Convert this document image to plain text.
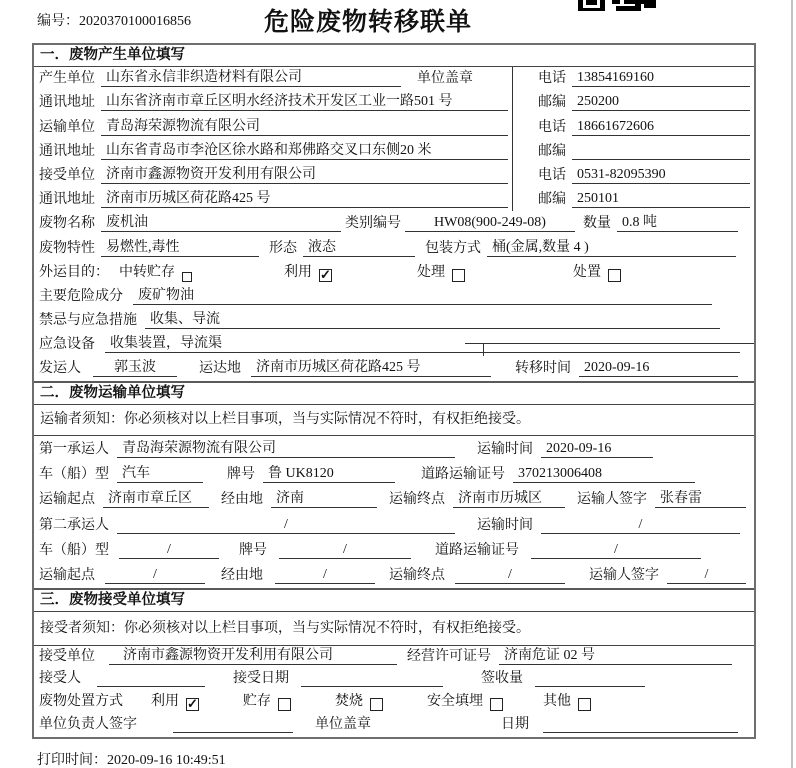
编号：2020370100016856	危险废物转移联单
一．废物产生单位填写
产生单位 山东省永信非织造材料有限公司	单位盖章	电话 13854169160
通讯地址 山东省济南市章丘区明水经济技术开发区工业一路501 号	邮编 250200
运输单位 青岛海荣源物流有限公司	电话 18661672606
通讯地址 山东省青岛市李沧区徐水路和郑佛路交叉口东侧20 米	邮编
接受单位 济南市鑫源物资开发利用有限公司	电话 0531-82095390
通讯地址 济南市历城区荷花路425 号	邮编 250101
废物名称 废机油	类别编号	HW08(900-249-08)	数量 0.8 吨
废物特性 易燃性,毒性	形态 液态	包装方式 桶(金属,数量 4 )
外运目的： 中转贮存	利用 ✓	处理	处置
主要危险成分	废矿物油
禁忌与应急措施 收集、导流
应急设备	收集装置，导流渠
发运人	郭玉波	运达地	济南市历城区荷花路425 号	转移时间 2020-09-16
二．废物运输单位填写
运输者须知：你必须核对以上栏目事项，当与实际情况不符时，有权拒绝接受。
第一承运人 青岛海荣源物流有限公司	运输时间 2020-09-16
车（船）型 汽车	牌号 鲁 UK8120	道路运输证号 370213006408
运输起点 济南市章丘区	经由地 济南	运输终点 济南市历城区	运输人签字 张春雷
第二承运人	/	运输时间	/
车（船）型	/	牌号	/	道路运输证号	/
运输起点	/	经由地	/	运输终点	/	运输人签字	/
三．废物接受单位填写
接受者须知：你必须核对以上栏目事项，当与实际情况不符时，有权拒绝接受。
接受单位	济南市鑫源物资开发利用有限公司	经营许可证号 济南危证 02 号
接受人	接受日期	签收量
废物处置方式 利用 ✓	贮存	焚烧	安全填埋	其他
单位负责人签字	单位盖章	日期
打印时间：2020-09-16 10:49:51
